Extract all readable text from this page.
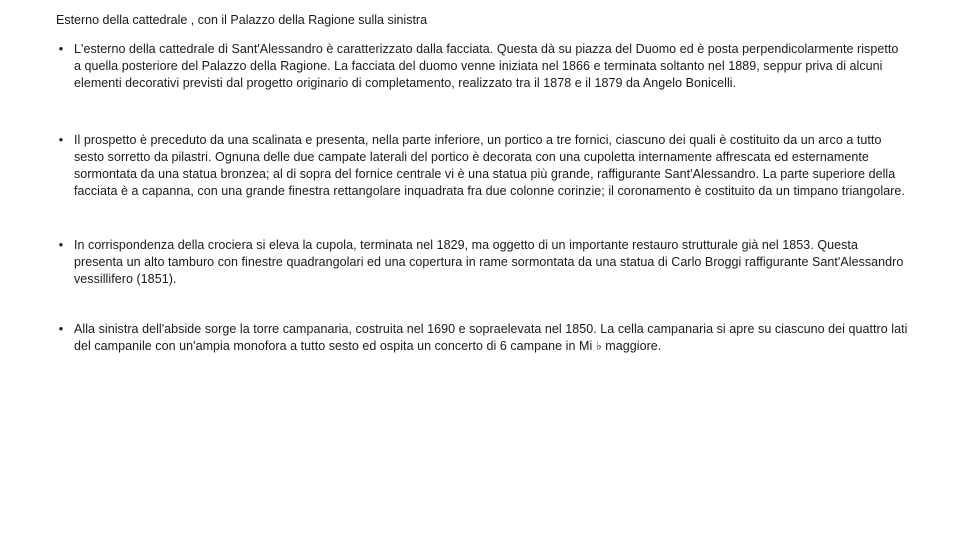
Esterno della cattedrale , con il Palazzo della Ragione sulla sinistra
• L'esterno della cattedrale di Sant'Alessandro è caratterizzato dalla facciata. Questa dà su piazza del Duomo ed è posta perpendicolarmente rispetto a quella posteriore del Palazzo della Ragione. La facciata del duomo venne iniziata nel 1866 e terminata soltanto nel 1889, seppur priva di alcuni elementi decorativi previsti dal progetto originario di completamento, realizzato tra il 1878 e il 1879 da Angelo Bonicelli.
• Il prospetto è preceduto da una scalinata e presenta, nella parte inferiore, un portico a tre fornici, ciascuno dei quali è costituito da un arco a tutto sesto sorretto da pilastri. Ognuna delle due campate laterali del portico è decorata con una cupoletta internamente affrescata ed esternamente sormontata da una statua bronzea; al di sopra del fornice centrale vi è una statua più grande, raffigurante Sant'Alessandro. La parte superiore della facciata è a capanna, con una grande finestra rettangolare inquadrata fra due colonne corinzie; il coronamento è costituito da un timpano triangolare.
• In corrispondenza della crociera si eleva la cupola, terminata nel 1829, ma oggetto di un importante restauro strutturale già nel 1853. Questa presenta un alto tamburo con finestre quadrangolari ed una copertura in rame sormontata da una statua di Carlo Broggi raffigurante Sant'Alessandro vessillifero (1851).
• Alla sinistra dell'abside sorge la torre campanaria, costruita nel 1690 e sopraelevata nel 1850. La cella campanaria si apre su ciascuno dei quattro lati del campanile con un'ampia monofora a tutto sesto ed ospita un concerto di 6 campane in Mi ♭ maggiore.
